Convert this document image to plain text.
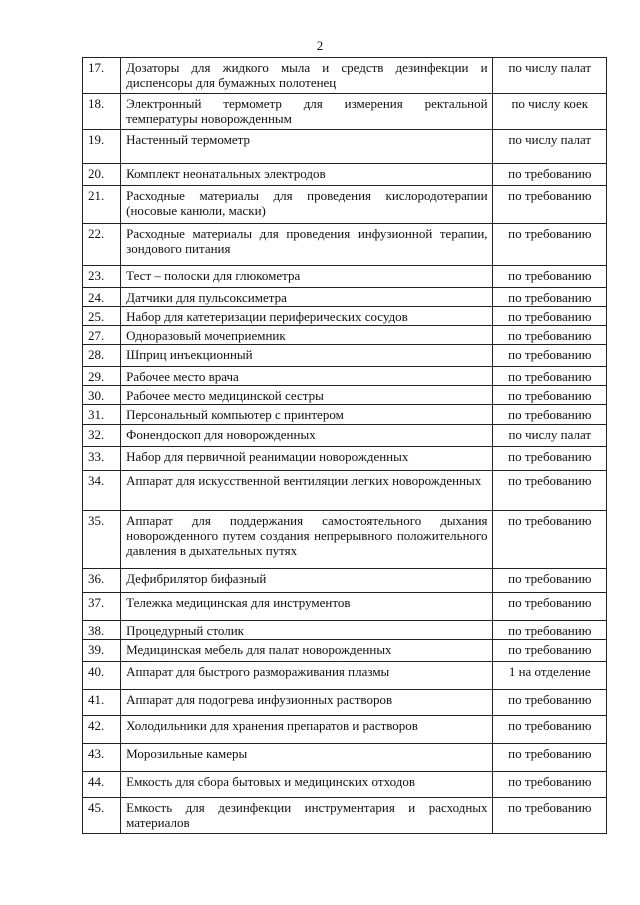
2
17.	Дозаторы для жидкого мыла и средств дезинфекции и диспенсоры для бумажных полотенец	по числу палат
18.	Электронный термометр для измерения ректальной температуры новорожденным	по числу коек
19.	Настенный термометр	по числу палат
20.	Комплект неонатальных электродов	по требованию
21.	Расходные материалы для проведения кислородотерапии (носовые канюли, маски)	по требованию
22.	Расходные материалы для проведения инфузионной терапии, зондового питания	по требованию
23.	Тест – полоски для глюкометра	по требованию
24.	Датчики для пульсоксиметра	по требованию
25.	Набор для катетеризации периферических сосудов	по требованию
27.	Одноразовый мочеприемник	по требованию
28.	Шприц инъекционный	по требованию
29.	Рабочее место врача	по требованию
30.	Рабочее место медицинской сестры	по требованию
31.	Персональный компьютер с принтером	по требованию
32.	Фонендоскоп для новорожденных	по числу палат
33.	Набор для первичной реанимации новорожденных	по требованию
34.	Аппарат для искусственной вентиляции легких новорожденных	по требованию
35.	Аппарат для поддержания самостоятельного дыхания новорожденного путем создания непрерывного положительного давления в дыхательных путях	по требованию
36.	Дефибрилятор бифазный	по требованию
37.	Тележка медицинская для инструментов	по требованию
38.	Процедурный столик	по требованию
39.	Медицинская мебель для палат новорожденных	по требованию
40.	Аппарат для быстрого размораживания плазмы	1 на отделение
41.	Аппарат для подогрева инфузионных растворов	по требованию
42.	Холодильники для хранения препаратов и растворов	по требованию
43.	Морозильные камеры	по требованию
44.	Емкость для сбора бытовых и медицинских отходов	по требованию
45.	Емкость для дезинфекции инструментария и расходных материалов	по требованию
